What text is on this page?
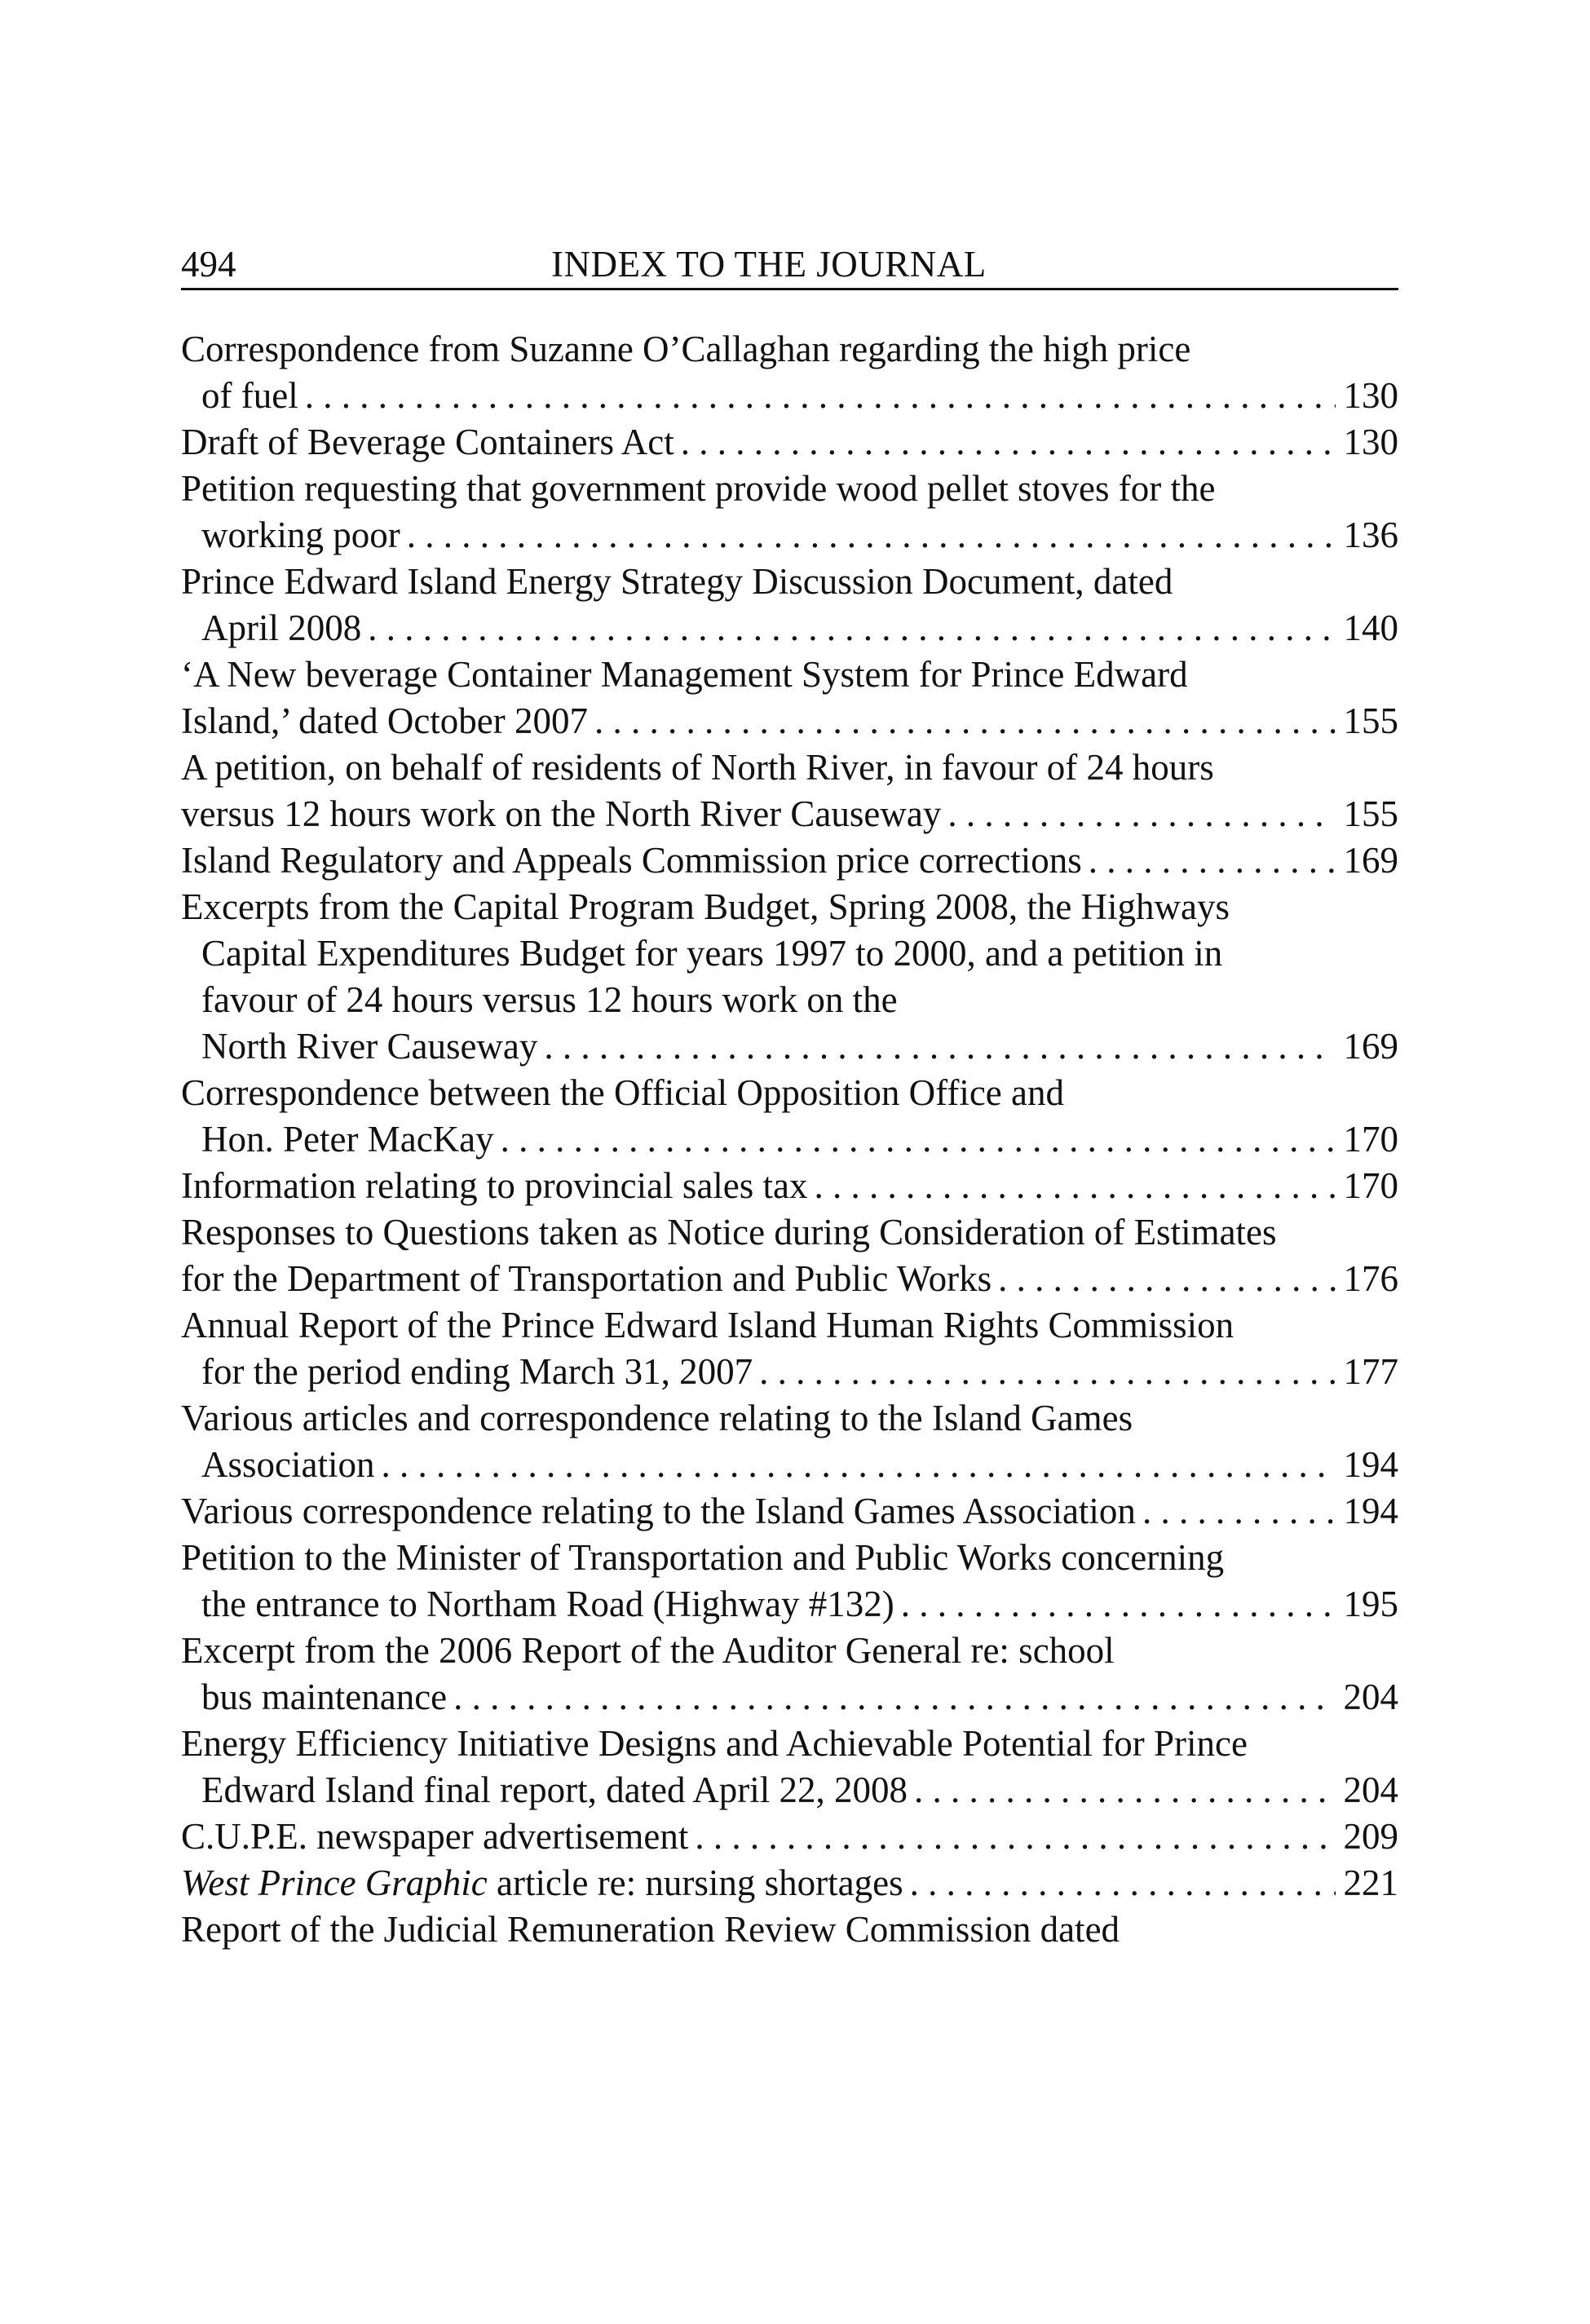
494	INDEX TO THE JOURNAL
Correspondence from Suzanne O’Callaghan regarding the high price
of fuel . . .	130
Draft of Beverage Containers Act . . .	130
Petition requesting that government provide wood pellet stoves for the
working poor . . .	136
Prince Edward Island Energy Strategy Discussion Document, dated
April 2008 . . .	140
‘A New beverage Container Management System for Prince Edward
Island,’ dated October 2007 . . .	155
A petition, on behalf of residents of North River, in favour of 24 hours
versus 12 hours work on the North River Causeway . . .	155
Island Regulatory and Appeals Commission price corrections . . .	169
Excerpts from the Capital Program Budget, Spring 2008, the Highways
Capital Expenditures Budget for years 1997 to 2000, and a petition in
favour of 24 hours versus 12 hours work on the
North River Causeway . . .	169
Correspondence between the Official Opposition Office and
Hon. Peter MacKay . . .	170
Information relating to provincial sales tax . . .	170
Responses to Questions taken as Notice during Consideration of Estimates
for the Department of Transportation and Public Works . . .	176
Annual Report of the Prince Edward Island Human Rights Commission
for the period ending March 31, 2007 . . .	177
Various articles and correspondence relating to the Island Games
Association . . .	194
Various correspondence relating to the Island Games Association . . .	194
Petition to the Minister of Transportation and Public Works concerning
the entrance to Northam Road (Highway #132) . . .	195
Excerpt from the 2006 Report of the Auditor General re: school
bus maintenance . . .	204
Energy Efficiency Initiative Designs and Achievable Potential for Prince
Edward Island final report, dated April 22, 2008 . . .	204
C.U.P.E. newspaper advertisement . . .	209
West Prince Graphic article re: nursing shortages . . .	221
Report of the Judicial Remuneration Review Commission dated
